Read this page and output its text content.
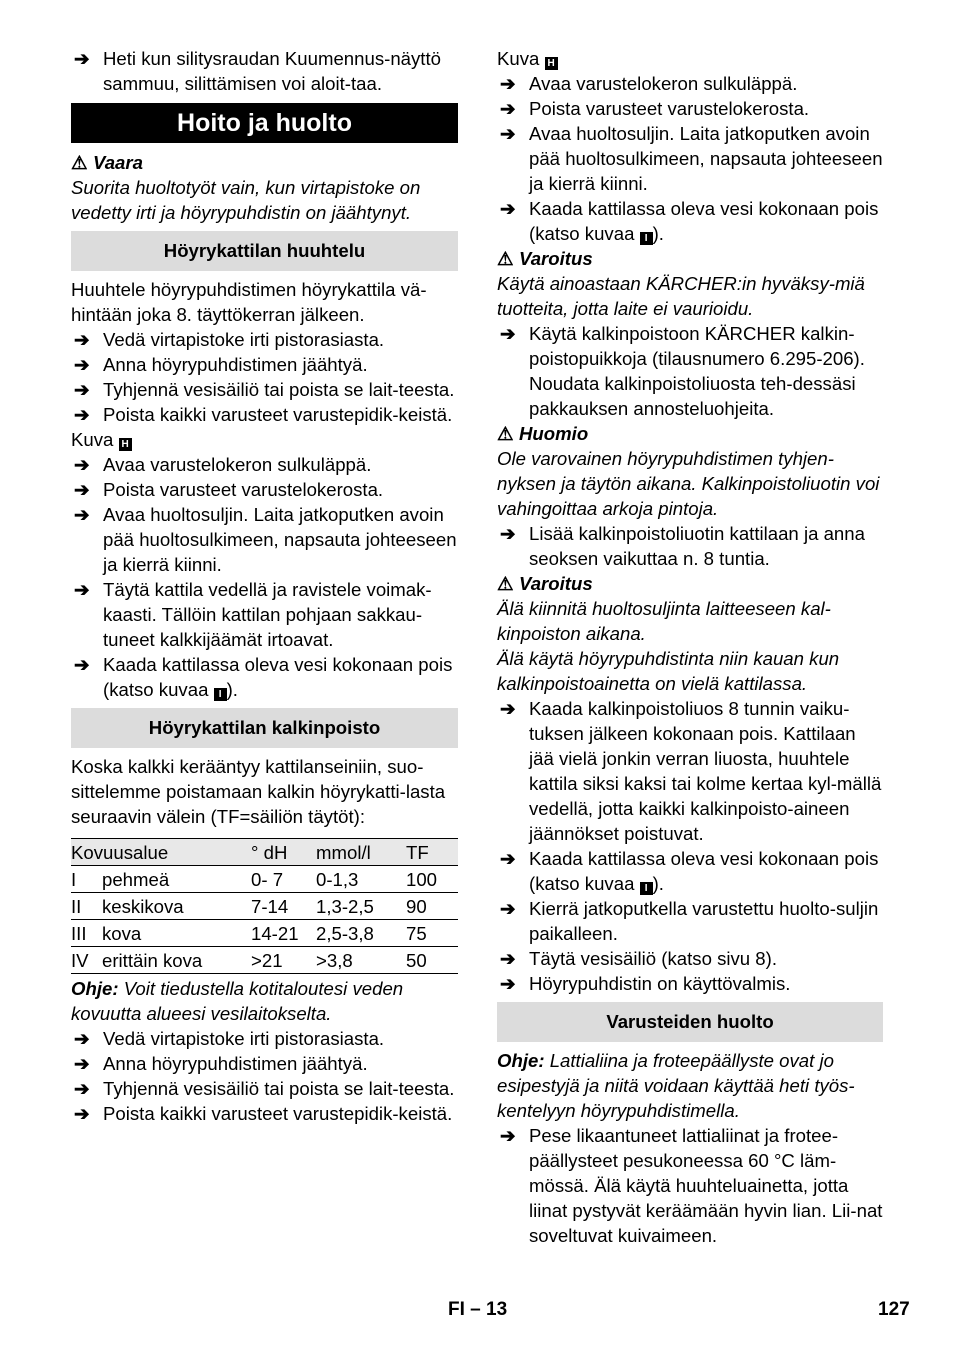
➔ Heti kun silitysraudan Kuumennus-näyttö sammuu, silittämisen voi aloit-taa.
Hoito ja huolto

⚠ Vaara

Suorita huoltotyöt vain, kun virtapistoke on vedetty irti ja höyrypuhdistin on jäähtynyt.

Höyrykattilan huuhtelu

Huuhtele höyrypuhdistimen höyrykattila vä-hintään joka 8. täyttökerran jälkeen.

➔ Vedä virtapistoke irti pistorasiasta.
➔ Anna höyrypuhdistimen jäähtyä.
➔ Tyhjennä vesisäiliö tai poista se lait-teesta.
➔ Poista kaikki varusteet varustepidik-keistä.

Kuva H

➔ Avaa varustelokeron sulkuläppä.
➔ Poista varusteet varustelokerosta.
➔ Avaa huoltosuljin. Laita jatkoputken avoin pää huoltosulkimeen, napsauta johteeseen ja kierrä kiinni.
➔ Täytä kattila vedellä ja ravistele voimak-kaasti. Tällöin kattilan pohjaan sakkau-tuneet kalkkijäämät irtoavat.
➔ Kaada kattilassa oleva vesi kokonaan pois (katso kuvaa I ).
Höyrykattilan kalkinpoisto

Koska kalkki kerääntyy kattilanseiniin, suo-sittelemme poistamaan kalkin höyrykatti-lasta seuraavin välein (TF=säiliön täytöt):

Kovuusalue		° dH	mmol/l	TF
I	pehmeä	0- 7	0-1,3	100
II	keskikova	7-14	1,3-2,5	90
III	kova	14-21	2,5-3,8	75
IV	erittäin kova	>21	>3,8	50

Ohje: Voit tiedustella kotitaloutesi veden kovuutta alueesi vesilaitokselta.

➔ Vedä virtapistoke irti pistorasiasta.
➔ Anna höyrypuhdistimen jäähtyä.
➔ Tyhjennä vesisäiliö tai poista se lait-teesta.
➔ Poista kaikki varusteet varustepidik-keistä.

Kuva H

➔ Avaa varustelokeron sulkuläppä.
➔ Poista varusteet varustelokerosta.
➔ Avaa huoltosuljin. Laita jatkoputken avoin pää huoltosulkimeen, napsauta johteeseen ja kierrä kiinni.
➔ Kaada kattilassa oleva vesi kokonaan pois (katso kuvaa I ).

⚠ Varoitus

Käytä ainoastaan KÄRCHER:in hyväksy-miä tuotteita, jotta laite ei vaurioidu.

➔ Käytä kalkinpoistoon KÄRCHER kalkin-poistopuikkoja (tilausnumero 6.295-206). Noudata kalkinpoistoliuosta teh-dessäsi pakkauksen annosteluohjeita.

⚠ Huomio

Ole varovainen höyrypuhdistimen tyhjen-nyksen ja täytön aikana. Kalkinpoistoliuotin voi vahingoittaa arkoja pintoja.

➔ Lisää kalkinpoistoliuotin kattilaan ja anna seoksen vaikuttaa n. 8 tuntia.

⚠ Varoitus

Älä kiinnitä huoltosuljinta laitteeseen kal-kinpoiston aikana.

Älä käytä höyrypuhdistinta niin kauan kun kalkinpoistoainetta on vielä kattilassa.

➔ Kaada kalkinpoistoliuos 8 tunnin vaiku-tuksen jälkeen kokonaan pois. Kattilaan jää vielä jonkin verran liuosta, huuhtele kattila siksi kaksi tai kolme kertaa kyl-mällä vedellä, jotta kaikki kalkinpoisto-aineen jäännökset poistuvat.
➔ Kaada kattilassa oleva vesi kokonaan pois (katso kuvaa I ).
➔ Kierrä jatkoputkella varustettu huolto-suljin paikalleen.
➔ Täytä vesisäiliö (katso sivu 8).
➔ Höyrypuhdistin on käyttövalmis.
Varusteiden huolto

Ohje: Lattialiina ja froteepäällyste ovat jo esipestyjä ja niitä voidaan käyttää heti työs-kentelyyn höyrypuhdistimella.

➔ Pese likaantuneet lattialiinat ja frotee-päällysteet pesukoneessa 60 °C läm-mössä. Älä käytä huuhteluainetta, jotta liinat pystyvät keräämään hyvin lian. Lii-nat soveltuvat kuivaimeen.
FI – 13	127
